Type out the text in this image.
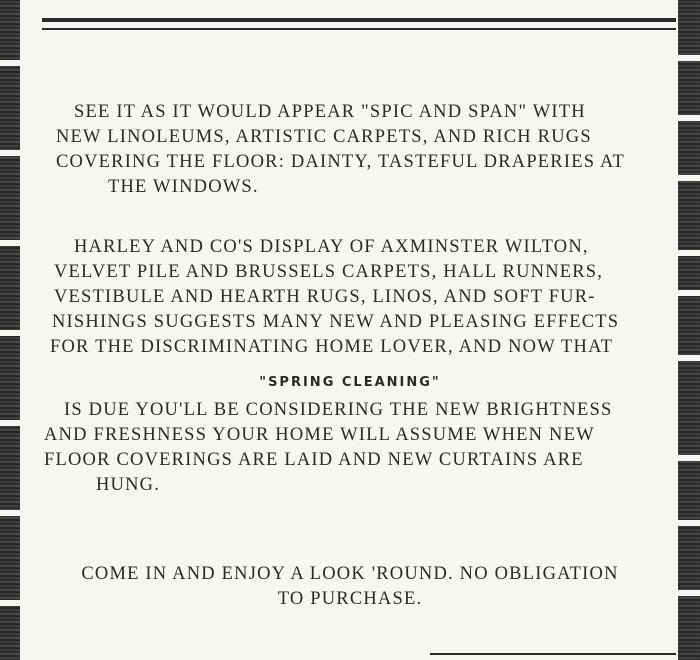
SEE IT AS IT WOULD APPEAR "SPIC AND SPAN" WITH
NEW LINOLEUMS, ARTISTIC CARPETS, AND RICH RUGS
COVERING THE FLOOR: DAINTY, TASTEFUL DRAPERIES AT
THE WINDOWS.
HARLEY AND CO'S DISPLAY OF AXMINSTER WILTON,
VELVET PILE AND BRUSSELS CARPETS, HALL RUNNERS,
VESTIBULE AND HEARTH RUGS, LINOS, AND SOFT FUR-
NISHINGS SUGGESTS MANY NEW AND PLEASING EFFECTS
FOR THE DISCRIMINATING HOME LOVER, AND NOW THAT
"SPRING CLEANING"
IS DUE YOU'LL BE CONSIDERING THE NEW BRIGHTNESS
AND FRESHNESS YOUR HOME WILL ASSUME WHEN NEW
FLOOR COVERINGS ARE LAID AND NEW CURTAINS ARE
HUNG.
COME IN AND ENJOY A LOOK 'ROUND. NO OBLIGATION
TO PURCHASE.
